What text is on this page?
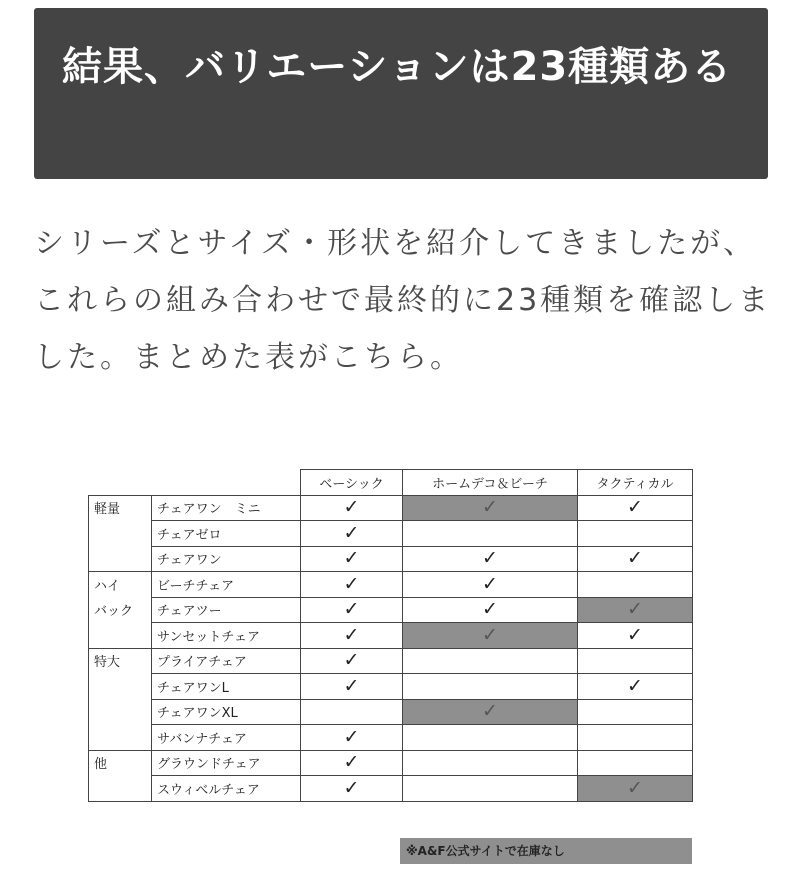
結果、バリエーションは23種類ある

シリーズとサイズ・形状を紹介してきましたが、これらの組み合わせで最終的に23種類を確認しました。まとめた表がこちら。

		ベーシック	ホームデコ＆ビーチ	タクティカル
軽量	チェアワン　ミニ	✓	✓	✓
	チェアゼロ	✓		
	チェアワン	✓	✓	✓
ハイ	ビーチチェア	✓	✓	
バック	チェアツー	✓	✓	✓
	サンセットチェア	✓	✓	✓
特大	プライアチェア	✓		
	チェアワンL	✓		✓
	チェアワンXL		✓	
	サバンナチェア	✓		
他	グラウンドチェア	✓		
	スウィベルチェア	✓		✓
※A&F公式サイトで在庫なし
